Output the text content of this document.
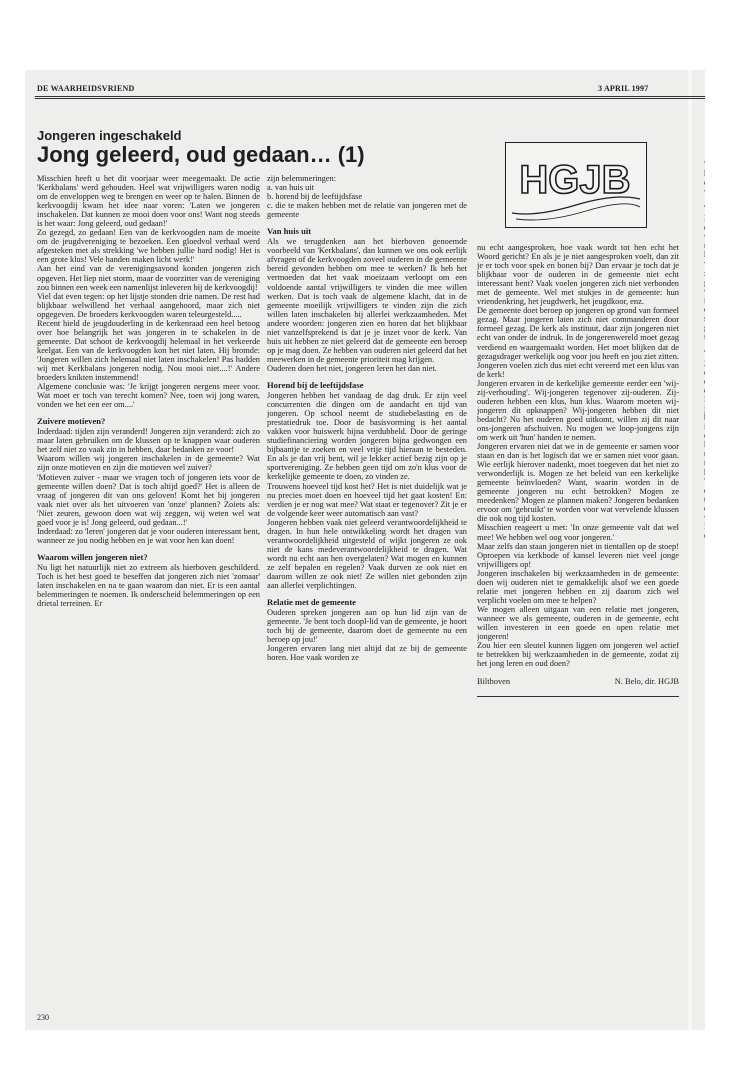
DE WAARHEIDSVRIEND	3 APRIL 1997
Jongeren ingeschakeld
Jong geleerd, oud gedaan… (1)
HGJB

Misschien heeft u het dit voorjaar weer meegemaakt. De actie 'Kerkbalans' werd gehouden. Heel wat vrijwilligers waren nodig om de enveloppen weg te brengen en weer op te halen. Binnen de kerkvoogdij kwam het idee naar voren: 'Laten we jongeren inschakelen. Dat kunnen ze mooi doen voor ons! Want nog steeds is het waar: Jong geleerd, oud gedaan!'

Zo gezegd, zo gedaan! Een van de kerkvoogden nam de moeite om de jeugdvereniging te bezoeken. Een gloedvol verhaal werd afgesteken met als strekking 'we hebben jullie hard nodig! Het is een grote klus! Vele handen maken licht werk!'

Aan het eind van de verenigingsavond konden jongeren zich opgeven. Het liep niet storm, maar de voorzitter van de vereniging zou binnen een week een namenlijst inleveren bij de kerkvoogdij!

Viel dat even tegen: op het lijstje stonden drie namen. De rest had blijkbaar welwillend het verhaal aangehoord, maar zich niet opgegeven. De broeders kerkvoogden waren teleurgesteld.....

Recent hield de jeugdouderling in de kerkenraad een heel betoog over hoe belangrijk het was jongeren in te schakelen in de gemeente. Dat schoot de kerkvoogdij helemaal in het verkeerde keelgat. Een van de kerkvoogden kon het niet laten. Hij bromde: 'Jongeren willen zich helemaal niet laten inschakelen! Pas hadden wij met Kerkbalans jongeren nodig. Nou mooi niet....!' Andere broeders knikten instemmend!

Algemene conclusie was: 'Je krijgt jongeren nergens meer voor. Wat moet er toch van terecht komen? Nee, toen wij jong waren, vonden we het een eer om....'

Zuivere motieven?

Inderdaad: tijden zijn veranderd! Jongeren zijn veranderd: zich zo maar laten gebruiken om de klussen op te knappen waar ouderen het zelf niet zo vaak zin in hebben, daar bedanken ze voor!

Waarom willen wij jongeren inschakelen in de gemeente? Wat zijn onze motieven en zijn die motieven wel zuiver?

'Motieven zuiver - maar we vragen toch of jongeren iets voor de gemeente willen doen? Dat is toch altijd goed?' Het is alleen de vraag of jongeren dit van ons geloven! Komt het bij jongeren vaak niet over als het uitvoeren van 'onze' plannen? Zoiets als: 'Niet zeuren, gewoon doen wat wij zeggen, wij weten wel wat goed voor je is! Jong geleerd, oud gedaan...!'

Inderdaad: zo 'leren' jongeren dat je voor ouderen interessant bent, wanneer ze jou nodig hebben en je wat voor hen kan doen!

Waarom willen jongeren niet?

Nu ligt het natuurlijk niet zo extreem als hierboven geschilderd. Toch is het best goed te beseffen dat jongeren zich niet 'zomaar' laten inschakelen en na te gaan waarom dan niet. Er is een aantal belemmeringen te noemen. Ik onderscheid belemmeringen op een drietal terreinen. Er

zijn belemmeringen:

a. van huis uit

b. horend bij de leeftijdsfase

c. die te maken hebben met de relatie van jongeren met de gemeente

Van huis uit

Als we terugdenken aan het hierboven genoemde voorbeeld van 'Kerkbalans', dan kunnen we ons ook eerlijk afvragen of de kerkvoogden zoveel ouderen in de gemeente bereid gevonden hebben om mee te werken? Ik heb het vermoeden dat het vaak moeizaam verloopt om een voldoende aantal vrijwilligers te vinden die mee willen werken. Dat is toch vaak de algemene klacht, dat in de gemeente moeilijk vrijwilligers te vinden zijn die zich willen laten inschakelen bij allerlei werkzaamheden. Met andere woorden: jongeren zien en horen dat het blijkbaar niet vanzelfsprekend is dat je je inzet voor de kerk. Van huis uit hebben ze niet geleerd dat de gemeente een beroep op je mag doen. Ze hebben van ouderen niet geleerd dat het meewerken in de gemeente prioriteit mag krijgen.

Ouderen doen het niet, jongeren leren het dan niet.

Horend bij de leeftijdsfase

Jongeren hebben het vandaag de dag druk. Er zijn veel concurrenten die dingen om de aandacht en tijd van jongeren. Op school neemt de studiebelasting en de prestatiedruk toe. Door de basisvorming is het aantal vakken voor huiswerk bijna verdubbeld. Door de geringe studiefinanciering worden jongeren bijna gedwongen een bijbaantje te zoeken en veel vrije tijd hieraan te besteden. En als je dan vrij bent, wil je lekker actief bezig zijn op je sportvereniging. Ze hebben geen tijd om zo'n klus voor de kerkelijke gemeente te doen, zo vinden ze.

Trouwens hoeveel tijd kost het? Het is niet duidelijk wat je nu precies moet doen en hoeveel tijd het gaat kosten! En: verdien je er nog wat mee? Wat staat er tegenover? Zit je er de volgende keer weer automatisch aan vast?

Jongeren hebben vaak niet geleerd verantwoordelijkheid te dragen. In hun hele ontwikkeling wordt het dragen van verantwoordelijkheid uitgesteld of wijkt jongeren ze ook niet de kans medeverantwoordelijkheid te dragen. Wat wordt nu echt aan hen overgelaten? Wat mogen en kunnen ze zelf bepalen en regelen? Vaak durven ze ook niet en daarom willen ze ook niet! Ze willen niet gebonden zijn aan allerlei verplichtingen.

Relatie met de gemeente

Ouderen spreken jongeren aan op hun lid zijn van de gemeente. 'Je bent toch doopl-lid van de gemeente, je hoort toch bij de gemeente, daarom doet de gemeente nu een beroep op jou!'

Jongeren ervaren lang niet altijd dat ze bij de gemeente horen. Hoe vaak worden ze

nu echt aangesproken, hoe vaak wordt tot hen echt het Woord gericht? En als je je niet aangesproken voelt, dan zit je er toch voor spek en bonen bij? Dan ervaar je toch dat je blijkbaar voor de ouderen in de gemeente niet echt interessant bent? Vaak voelen jongeren zich niet verbonden met de gemeente. Wel met stukjes in de gemeente: hun vriendenkring, het jeugdwerk, het jeugdkoor, enz.

De gemeente doet beroep op jongeren op grond van formeel gezag. Maar jongeren laten zich niet commanderen door formeel gezag. De kerk als instituut, daar zijn jongeren niet echt van onder de indruk. In de jongerenwereld moet gezag verdiend en waargemaakt worden. Het moet blijken dat de gezagsdrager werkelijk oog voor jou heeft en jou ziet zitten. Jongeren voelen zich dus niet echt vereerd met een klus van de kerk!

Jongeren ervaren in de kerkelijke gemeente eerder een 'wij-zij-verhouding'. Wij-jongeren tegenover zij-ouderen. Zij-ouderen hebben een klus, hun klus. Waarom moeten wij-jongeren dit opknappen? Wij-jongeren hebben dit niet bedacht? Nu het ouderen goed uitkomt, willen zij dit naar ons-jongeren afschuiven. Nu mogen we loop-jongens zijn om werk uit 'hun' handen te nemen.

Jongeren ervaren niet dat we in de gemeente er samen voor staan en dan is het logisch dat we er samen niet voor gaan. Wie eerlijk hierover nadenkt, moet toegeven dat het niet zo verwonderlijk is. Mogen ze het beleid van een kerkelijke gemeente beïnvloeden? Want, waarin worden in de gemeente jongeren nu echt betrokken? Mogen ze meedenken? Mogen ze plannen maken? Jongeren bedanken ervoor om 'gebruikt' te worden voor wat vervelende klussen die ook nog tijd kosten.

Misschien reageert u met: 'In onze gemeente valt dat wel mee! We hebben wel oog voor jongeren.'

Maar zelfs dan staan jongeren niet in tientallen op de stoep! Oproepen via kerkbode of kansel leveren niet veel jonge vrijwilligers op!

Jongeren inschakelen bij werkzaamheden in de gemeente: doen wij ouderen niet te gemakkelijk alsof we een goede relatie met jongeren hebben en zij daarom zich wel verplicht voelen om mee te helpen?

We mogen alleen uitgaan van een relatie met jongeren, wanneer we als gemeente, ouderen in de gemeente, echt willen investeren in een goede en open relatie met jongeren!

Zou hier een sleutel kunnen liggen om jongeren wel actief te betrekken bij werkzaamheden in de gemeente, zodat zij het jong leren en oud doen?

Bilthoven	N. Belo, dir. HGJB

230
